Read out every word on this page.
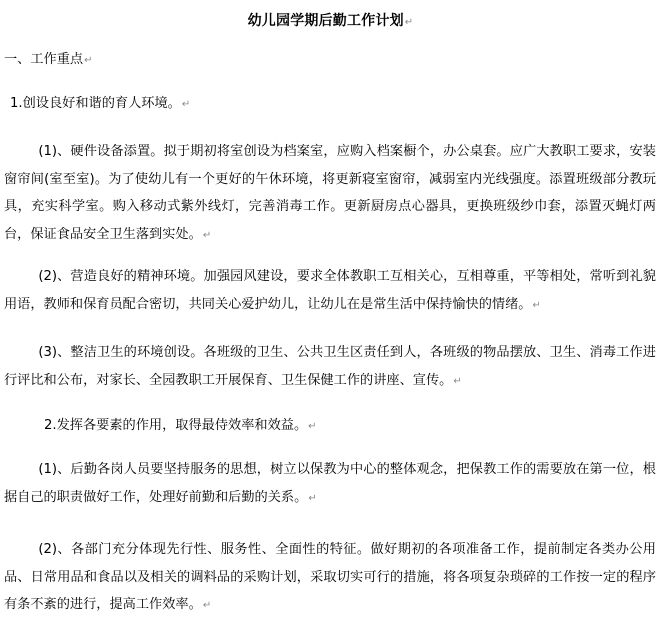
幼儿园学期后勤工作计划↵
一、工作重点↵
1.创设良好和谐的育人环境。↵
(1)、硬件设备添置。拟于期初将室创设为档案室，应购入档案橱个，办公桌套。应广大教职工要求，安装窗帘间(室至室)。为了使幼儿有一个更好的午休环境，将更新寝室窗帘，减弱室内光线强度。添置班级部分教玩具，充实科学室。购入移动式紫外线灯，完善消毒工作。更新厨房点心器具，更换班级纱巾套，添置灭蝇灯两台，保证食品安全卫生落到实处。↵
(2)、营造良好的精神环境。加强园风建设，要求全体教职工互相关心，互相尊重，平等相处，常听到礼貌用语，教师和保育员配合密切，共同关心爱护幼儿，让幼儿在是常生活中保持愉快的情绪。↵
(3)、整洁卫生的环境创设。各班级的卫生、公共卫生区责任到人，各班级的物品摆放、卫生、消毒工作进行评比和公布，对家长、全园教职工开展保育、卫生保健工作的讲座、宣传。↵
2.发挥各要素的作用，取得最侍效率和效益。↵
(1)、后勤各岗人员要坚持服务的思想，树立以保教为中心的整体观念，把保教工作的需要放在第一位，根据自己的职责做好工作，处理好前勤和后勤的关系。↵
(2)、各部门充分体现先行性、服务性、全面性的特征。做好期初的各项准备工作，提前制定各类办公用品、日常用品和食品以及相关的调料品的采购计划，采取切实可行的措施，将各项复杂琐碎的工作按一定的程序有条不紊的进行，提高工作效率。↵
